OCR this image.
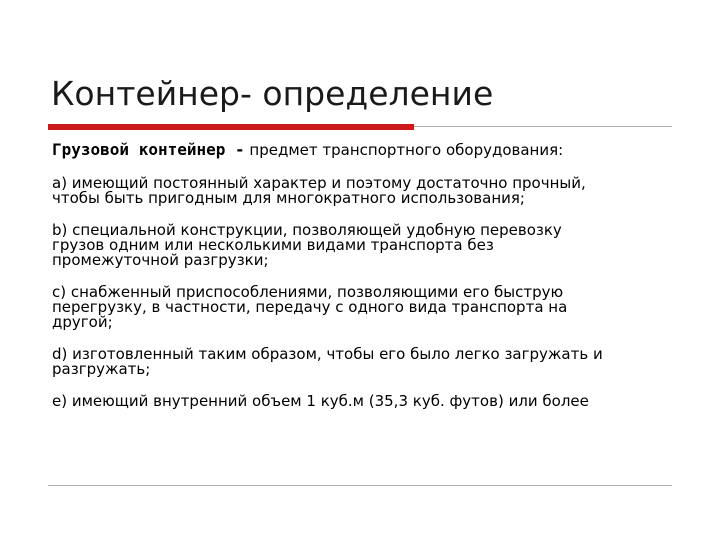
Контейнер- определение
Грузовой контейнер - предмет транспортного оборудования:
a) имеющий постоянный характер и поэтому достаточно прочный,
чтобы быть пригодным для многократного использования;
b) специальной конструкции, позволяющей удобную перевозку
грузов одним или несколькими видами транспорта без
промежуточной разгрузки;
c) снабженный приспособлениями, позволяющими его быструю
перегрузку, в частности, передачу с одного вида транспорта на
другой;
d) изготовленный таким образом, чтобы его было легко загружать и
разгружать;
e) имеющий внутренний объем 1 куб.м (35,3 куб. футов) или более
